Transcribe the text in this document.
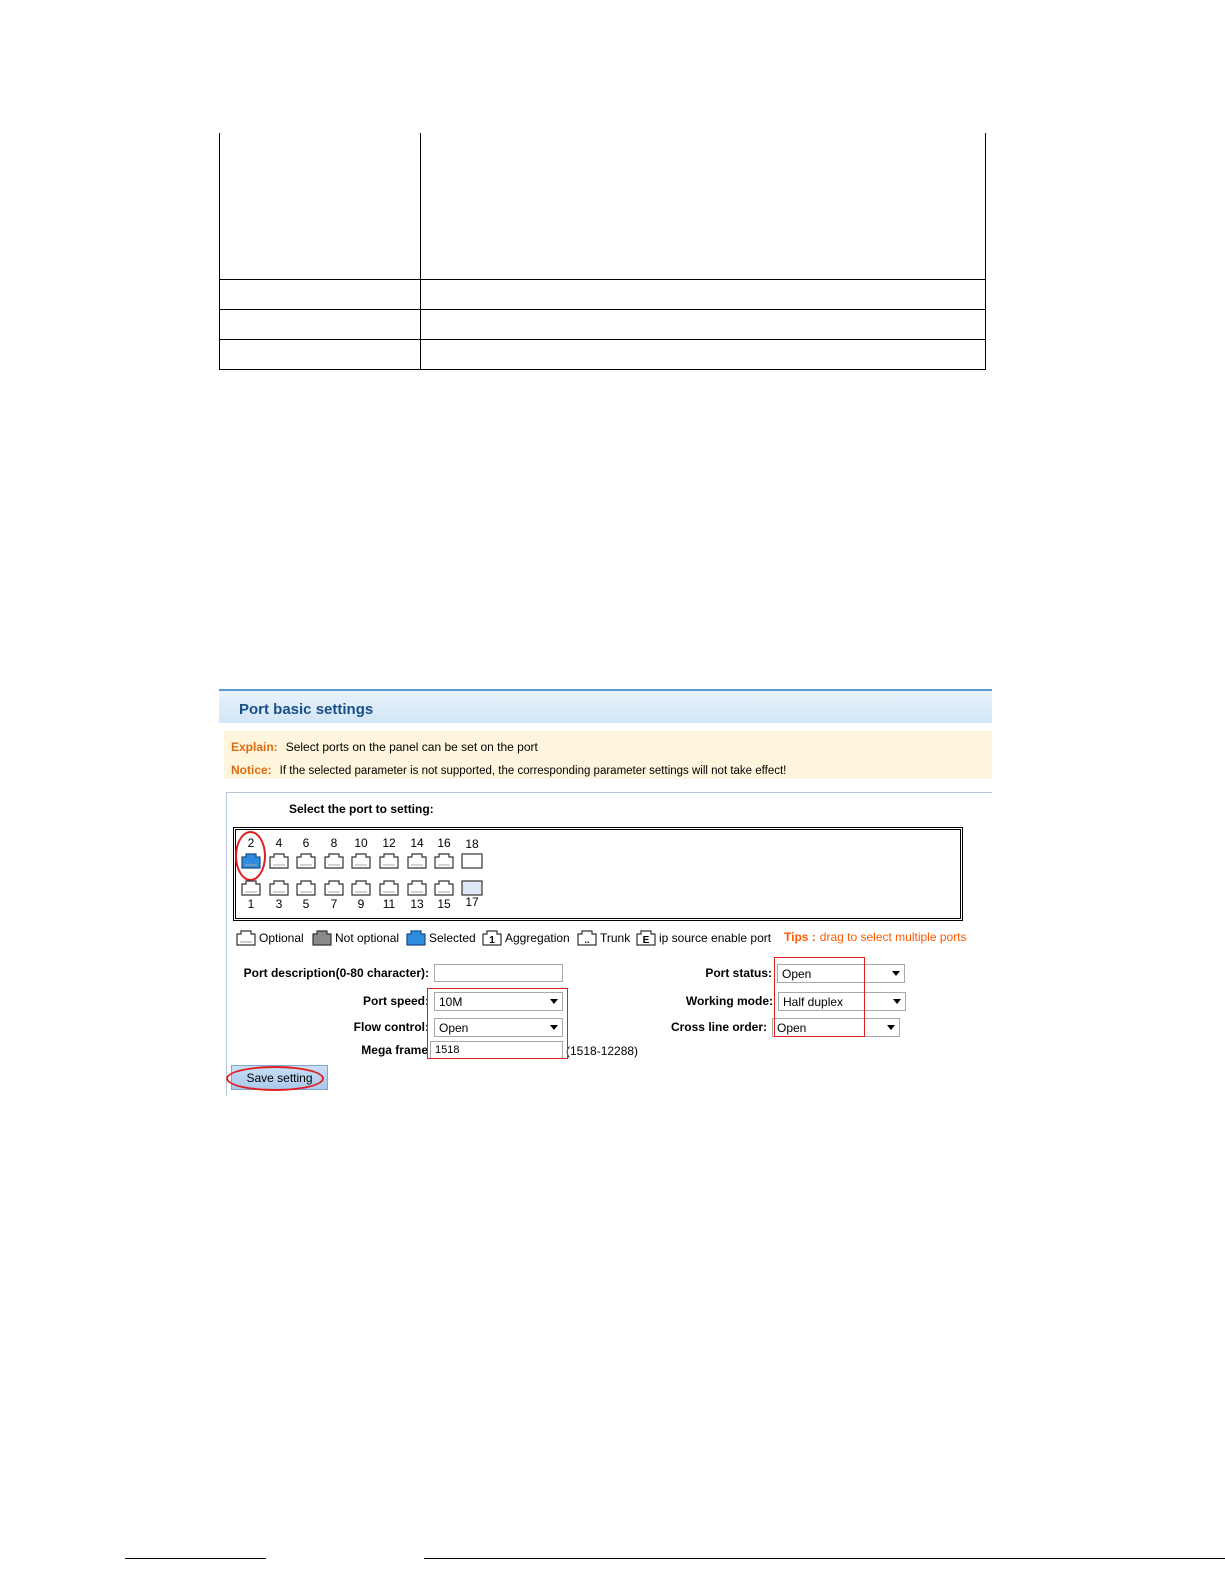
Port basic settings
Explain: Select ports on the panel can be set on the port
Notice: If the selected parameter is not supported, the corresponding parameter settings will not take effect!
Select the port to setting:
2	4	6	8	10	12	14	16	18
1	3	5	7	9	11	13	15	17
Optional	Not optional Selected 1 Aggregation .. Trunk E ip source enable port Tips : drag to select multiple ports
Port description(0-80 character):
Port speed: 10M
Flow control: Open
Mega frame
1518	(1518-12288)
Port status: Open
Working mode: Half duplex
Cross line order: Open
Save setting
